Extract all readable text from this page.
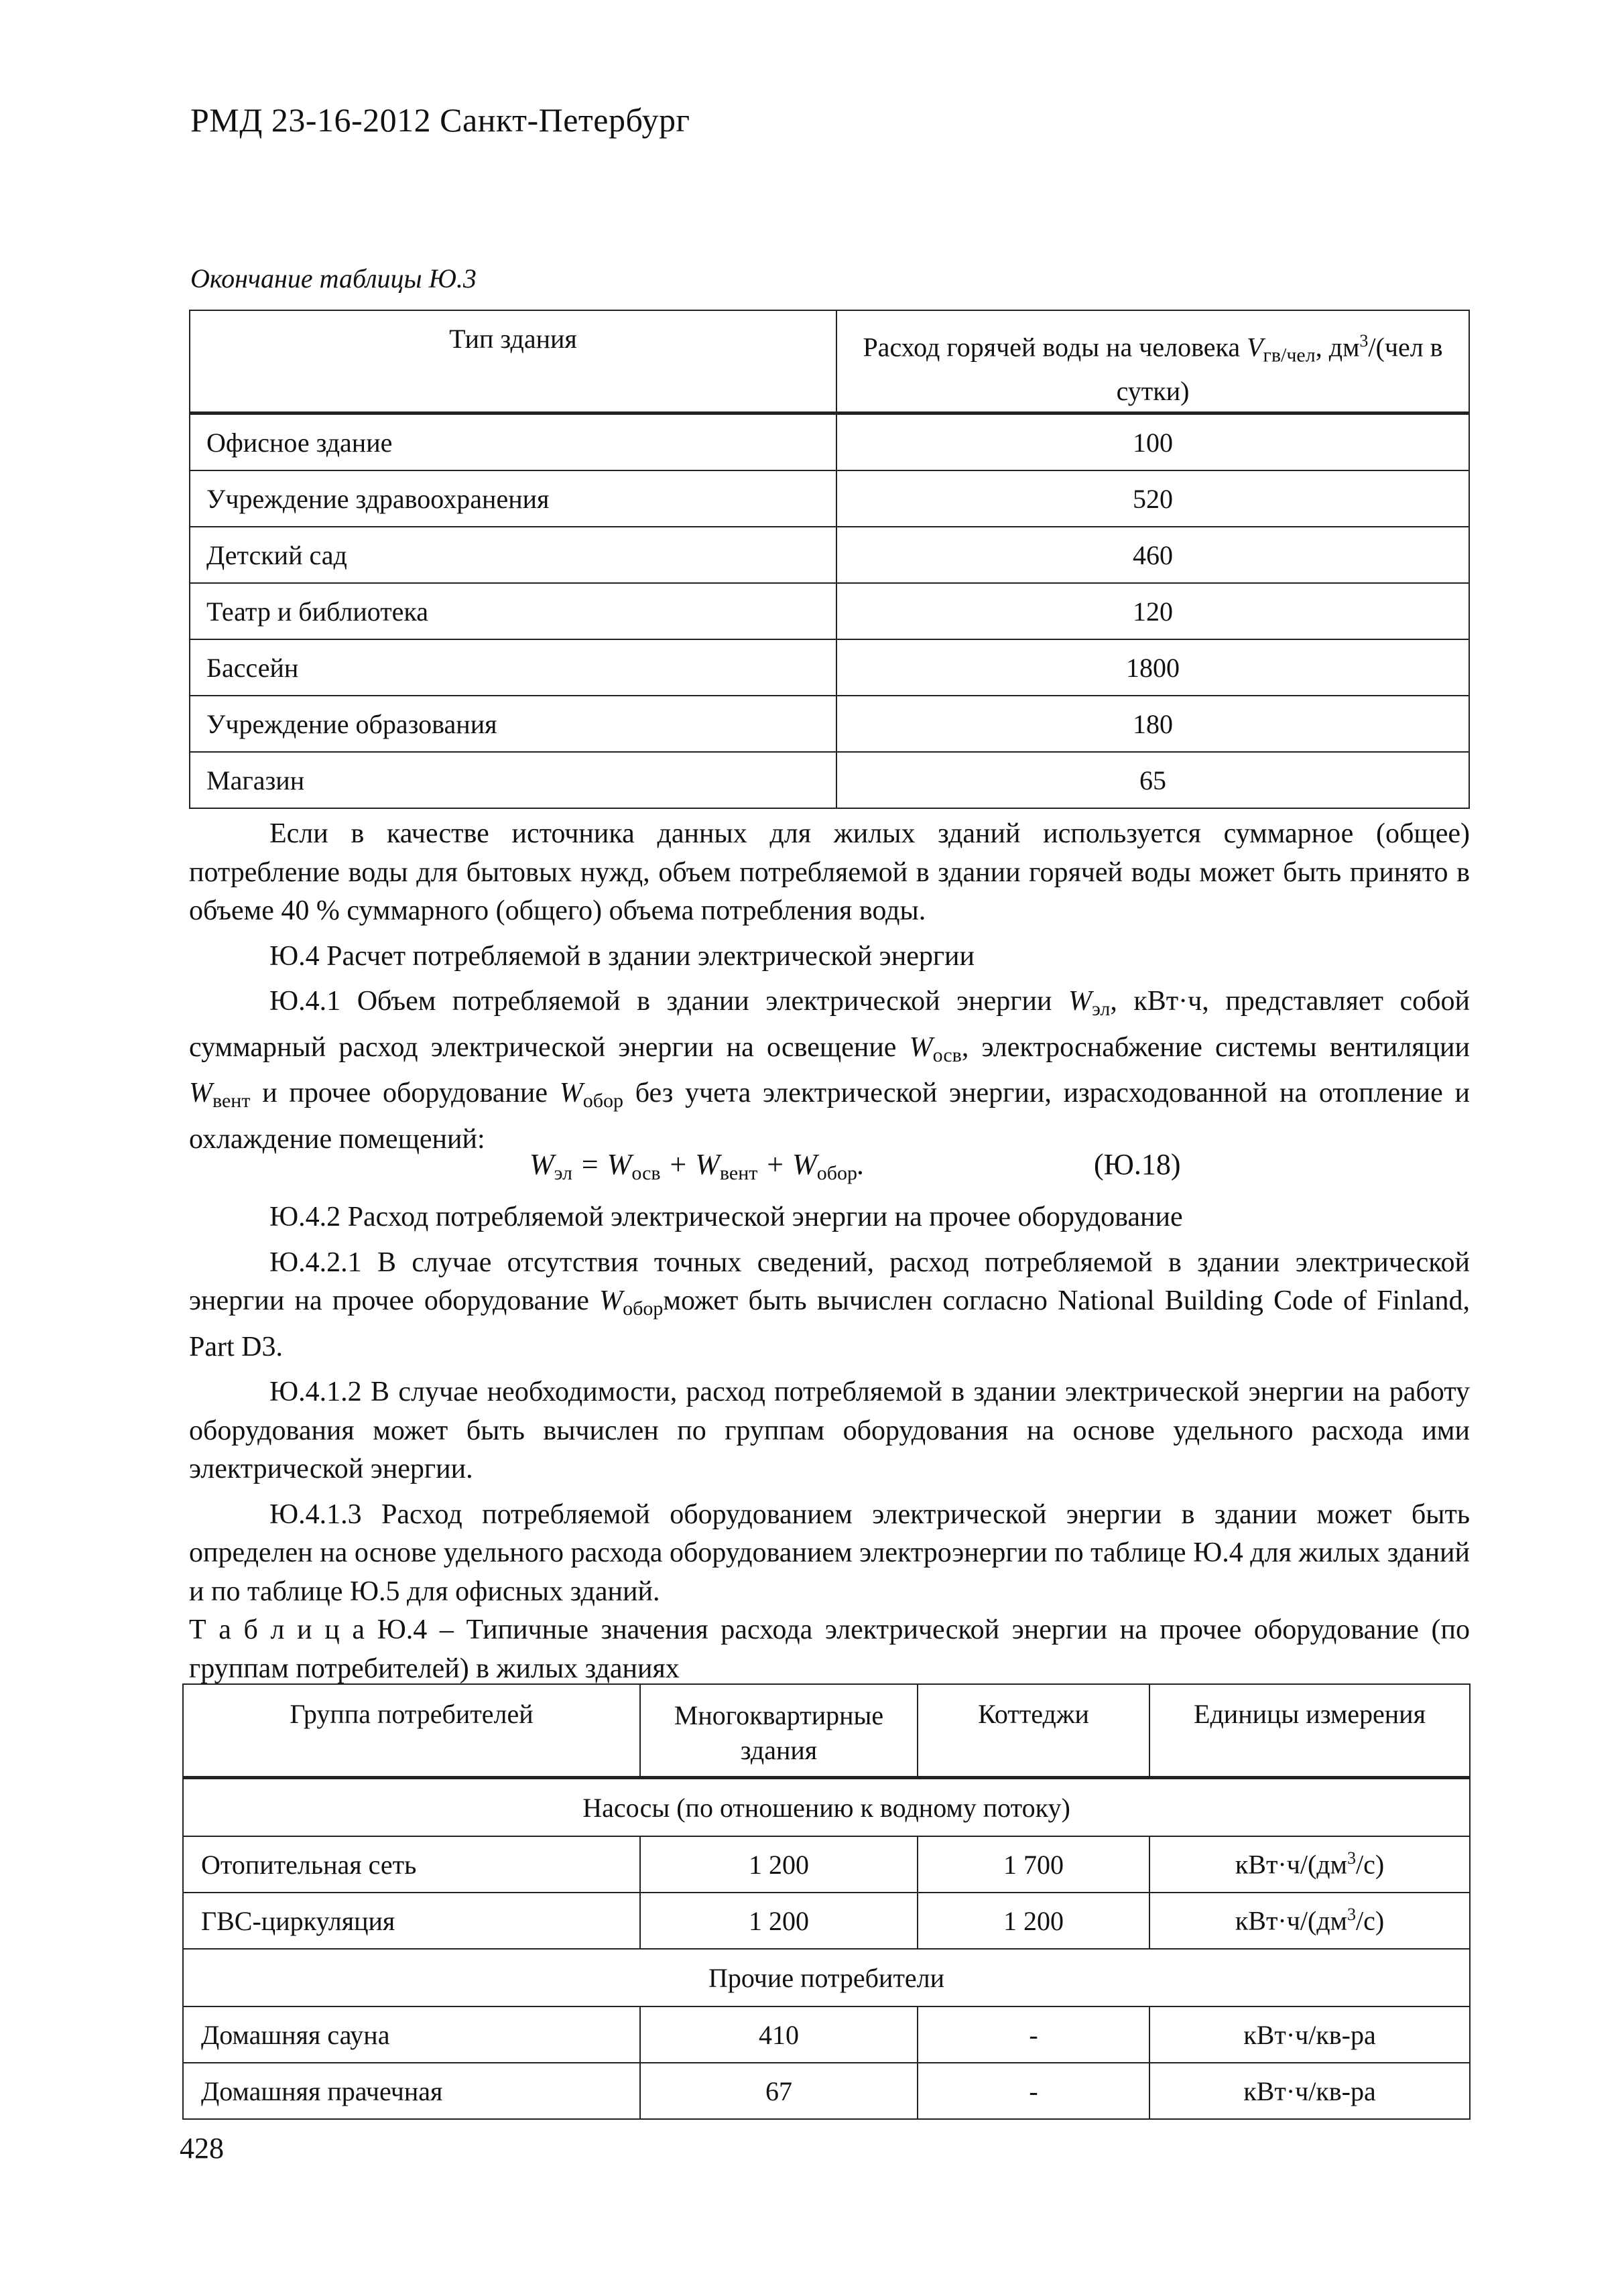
РМД 23-16-2012 Санкт-Петербург
Окончание таблицы Ю.3
Тип здания	Расход горячей воды на человека $V_{гв/чел}$, $дм^3/(чел$ в сутки)
Офисное здание	100
Учреждение здравоохранения	520
Детский сад	460
Театр и библиотека	120
Бассейн	1800
Учреждение образования	180
Магазин	65

Если в качестве источника данных для жилых зданий используется суммарное (общее) потребление воды для бытовых нужд, объем потребляемой в здании горячей воды может быть принято в объеме 40 % суммарного (общего) объема потребления воды.

Ю.4 Расчет потребляемой в здании электрической энергии

Ю.4.1 Объем потребляемой в здании электрической энергии $W_{эл}$, кВт·ч, представляет собой суммарный расход электрической энергии на освещение $W_{осв}$, электроснабжение системы вентиляции $W_{вент}$ и прочее оборудование $W_{обор}$ без учета электрической энергии, израсходованной на отопление и охлаждение помещений:

$W_{эл} = W_{осв} + W_{вент} + W_{обор}$.	(Ю.18)

Ю.4.2 Расход потребляемой электрической энергии на прочее оборудование

Ю.4.2.1 В случае отсутствия точных сведений, расход потребляемой в здании электрической энергии на прочее оборудование $W_{обор}может$ быть вычислен согласно National Building Code of Finland, Part D3.

Ю.4.1.2 В случае необходимости, расход потребляемой в здании электрической энергии на работу оборудования может быть вычислен по группам оборудования на основе удельного расхода ими электрической энергии.

Ю.4.1.3 Расход потребляемой оборудованием электрической энергии в здании может быть определен на основе удельного расхода оборудованием электроэнергии по таблице Ю.4 для жилых зданий и по таблице Ю.5 для офисных зданий.

Т а б л и ц а Ю.4 – Типичные значения расхода электрической энергии на прочее оборудование (по группам потребителей) в жилых зданиях

Группа потребителей	Многоквартирные здания	Коттеджи	Единицы измерения
Насосы (по отношению к водному потоку)			
Отопительная сеть	1 200	1 700	$кВт\cdot ч/(дм^3/с)$
ГВС-циркуляция	1 200	1 200	$кВт\cdot ч/(дм^3/с)$
Прочие потребители			
Домашняя сауна	410	-	кВт·ч/кв-ра
Домашняя прачечная	67	-	кВт·ч/кв-ра
428
